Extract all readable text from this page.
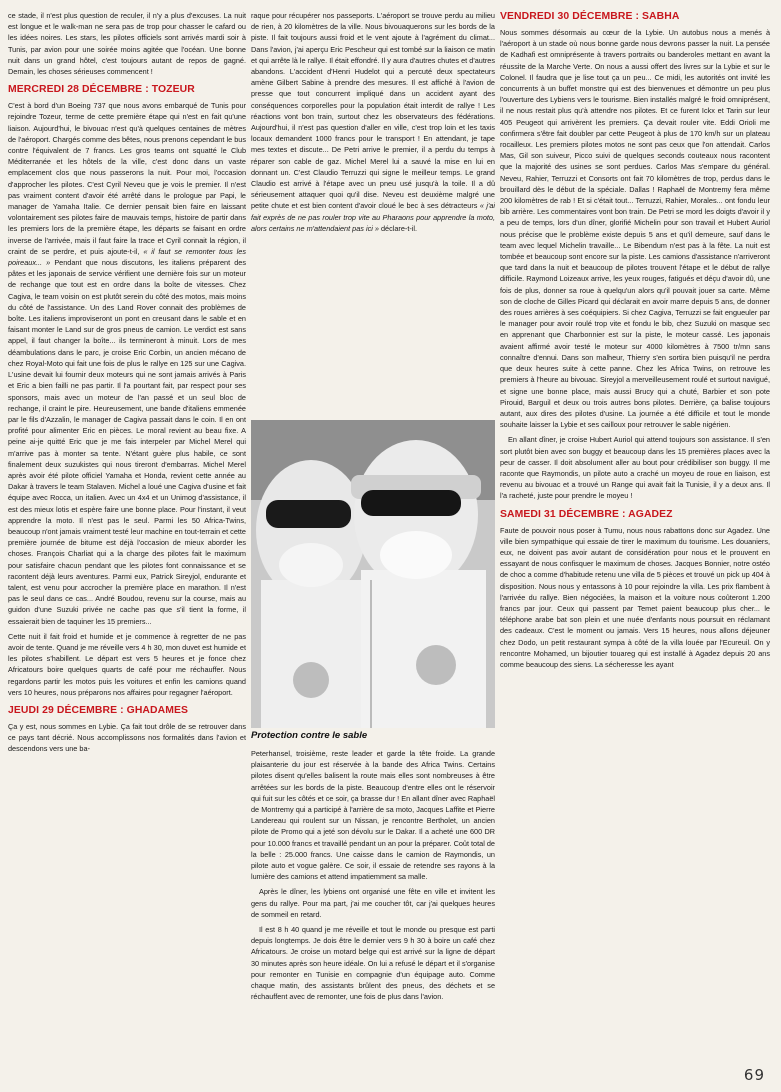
ce stade, il n'est plus question de reculer, il n'y a plus d'excuses. La nuit est longue et le walk-man ne sera pas de trop pour chasser le cafard ou les idées noires. Les stars, les pilotes officiels sont arrivés mardi soir à Tunis, par avion pour une soirée moins agitée que l'océan. Une bonne nuit dans un grand hôtel, c'est toujours autant de repos de gagné. Demain, les choses sérieuses commencent !

MERCREDI 28 DÉCEMBRE : TOZEUR

C'est à bord d'un Boeing 737 que nous avons embarqué de Tunis pour rejoindre Tozeur, terme de cette première étape qui n'est en fait qu'une liaison. Aujourd'hui, le bivouac n'est qu'à quelques centaines de mètres de l'aéroport. Chargés comme des bêtes, nous prenons cependant le bus contre l'équivalent de 7 francs. Les gros teams ont squatté le Club Méditerranée et les hôtels de la ville, c'est donc dans un vaste emplacement clos que nous passerons la nuit. Pour moi, l'occasion d'approcher les pilotes. C'est Cyril Neveu que je vois le premier. Il n'est pas vraiment content d'avoir été arrêté dans le prologue par Papi, le manager de Yamaha Italie. Ce dernier pensait bien faire en laissant volontairement ses pilotes faire de mauvais temps, histoire de partir dans les premiers lors de la première étape, les départs se faisant en ordre inverse de l'arrivée, mais il faut faire la trace et Cyril connait la région, il craint de se perdre, et puis ajoute-t-il, « il faut se remonter tous les poireaux... » Pendant que nous discutons, les italiens préparent des pâtes et les japonais de service vérifient une dernière fois sur un moteur de rechange que tout est en ordre dans la boîte de vitesses. Chez Cagiva, le team voisin on est plutôt serein du côté des motos, mais moins du côté de l'assistance. Un des Land Rover connait des problèmes de boîte. Les italiens improviseront un pont en creusant dans le sable et en faisant monter le Land sur de gros pneus de camion. Le verdict est sans appel, il faut changer la boîte... ils termineront à minuit. Lors de mes déambulations dans le parc, je croise Eric Corbin, un ancien mécano de chez Royal-Moto qui fait une fois de plus le rallye en 125 sur une Cagiva. L'usine devait lui fournir deux moteurs qui ne sont jamais arrivés à Paris et Eric a bien failli ne pas partir. Il l'a pourtant fait, par respect pour ses sponsors, mais avec un moteur de l'an passé et un seul bloc de rechange, il craint le pire. Heureusement, une bande d'italiens emmenée par le fils d'Azzalin, le manager de Cagiva passait dans le coin. Il en ont profité pour alimenter Eric en pièces. Le moral revient au beau fixe. A peine ai-je quitté Eric que je me fais interpeler par Michel Merel qui m'arrive pas à monter sa tente. N'étant guère plus habile, ce sont finalement deux suzukistes qui nous tireront d'embarras. Michel Merel après avoir été pilote officiel Yamaha et Honda, revient cette année au Dakar à travers le team Stalaven. Michel a loué une Cagiva d'usine et fait équipe avec Rocca, un italien. Avec un 4x4 et un Unimog d'assistance, il est des mieux lotis et espère faire une bonne place. Pour l'instant, il veut apprendre la moto. Il n'est pas le seul. Parmi les 50 Africa-Twins, beaucoup n'ont jamais vraiment testé leur machine en tout-terrain et cette première journée de bitume est déjà l'occasion de mieux aborder les choses. François Charliat qui a la charge des pilotes fait le maximum pour satisfaire chacun pendant que les pilotes font connaissance et se racontent déjà leurs aventures. Parmi eux, Patrick Sireyjol, endurante et talent, est venu pour accrocher la première place en marathon. Il n'est pas le seul dans ce cas... André Boudou, revenu sur la course, mais au guidon d'une Suzuki privée ne cache pas que s'il tient la forme, il essaierait bien de taquiner les 15 premiers...

Cette nuit il fait froid et humide et je commence à regretter de ne pas avoir de tente. Quand je me réveille vers 4 h 30, mon duvet est humide et les pilotes s'habillent. Le départ est vers 5 heures et je fonce chez Africatours boire quelques quarts de café pour me réchauffer. Nous regardons partir les motos puis les voitures et enfin les camions quand vers 10 heures, nous préparons nos affaires pour regagner l'aéroport.

JEUDI 29 DÉCEMBRE : GHADAMES

Ça y est, nous sommes en Lybie. Ça fait tout drôle de se retrouver dans ce pays tant décrié. Nous accomplissons nos formalités dans l'avion et descendons vers une ba-

raque pour récupérer nos passeports. L'aéroport se trouve perdu au milieu de rien, à 20 kilomètres de la ville. Nous bivouaquerons sur les bords de la piste. Il fait toujours aussi froid et le vent ajoute à l'agrément du climat... Dans l'avion, j'ai aperçu Eric Pescheur qui est tombé sur la liaison ce matin et qui arrête là le rallye. Il était effondré. Il y aura d'autres chutes et d'autres abandons. L'accident d'Henri Hudelot qui a percuté deux spectateurs amène Gilbert Sabine à prendre des mesures. Il est affiché à l'avion de presse que tout concurrent impliqué dans un accident ayant des conséquences corporelles pour la population était interdit de rallye ! Les réactions vont bon train, surtout chez les observateurs des fédérations. Aujourd'hui, il n'est pas question d'aller en ville, c'est trop loin et les taxis locaux demandent 1000 francs pour le transport ! En attendant, je tape mes textes et discute... De Petri arrive le premier, il a perdu du temps à réparer son cable de gaz. Michel Merel lui a sauvé la mise en lui en donnant un. C'est Claudio Terruzzi qui signe le meilleur temps. Le grand Claudio est arrivé à l'étape avec un pneu usé jusqu'à la toile. Il a dû sérieusement attaquer quoi qu'il dise. Neveu est deuxième malgré une petite chute et est bien content d'avoir cloué le bec à ses détracteurs « j'ai fait exprès de ne pas rouler trop vite au Pharaons pour apprendre la moto, alors certains ne m'attendaient pas ici » déclare-t-il.

Protection contre le sable

Peterhansel, troisième, reste leader et garde la tête froide. La grande plaisanterie du jour est réservée à la bande des Africa Twins. Certains pilotes disent qu'elles balisent la route mais elles sont nombreuses à être arrêtées sur les bords de la piste. Beaucoup d'entre elles ont le réservoir qui fuit sur les côtés et ce soir, ça brasse dur ! En allant dîner avec Raphaël de Montremy qui a participé à l'arrière de sa moto, Jacques Laffite et Pierre Landereau qui roulent sur un Nissan, je rencontre Bertholet, un ancien pilote de Promo qui a jeté son dévolu sur le Dakar. Il a acheté une 600 DR pour 10.000 francs et travaillé pendant un an pour la préparer. Coût total de la belle : 25.000 francs. Une caisse dans le camion de Raymondis, un pilote auto et vogue galère. Ce soir, il essaie de retendre ses rayons à la lumière des camions et attend impatiemment sa malle.

Après le dîner, les lybiens ont organisé une fête en ville et invitent les gens du rallye. Pour ma part, j'ai me coucher tôt, car j'ai quelques heures de sommeil en retard.

Il est 8 h 40 quand je me réveille et tout le monde ou presque est parti depuis longtemps. Je dois être le dernier vers 9 h 30 à boire un café chez Africatours. Je croise un motard belge qui est arrivé sur la ligne de départ 30 minutes après son heure idéale. On lui a refusé le départ et il s'organise pour remonter en Tunisie en compagnie d'un équipage auto. Comme chaque matin, des assistants brûlent des pneus, des déchets et se réchauffent avec de remonter, une fois de plus dans l'avion.

VENDREDI 30 DÉCEMBRE : SABHA

Nous sommes désormais au cœur de la Lybie. Un autobus nous a menés à l'aéroport à un stade où nous bonne garde nous devrons passer la nuit. La pensée de Kadhafi est omniprésente à travers portraits ou banderoles mettant en avant la réussite de la Marche Verte. On nous a aussi offert des livres sur la Lybie et sur le Colonel. Il faudra que je lise tout ça un peu... Ce midi, les autorités ont invité les concurrents à un buffet monstre qui est des bienvenues et démontre un peu plus l'ouverture des Lybiens vers le tourisme. Bien installés malgré le froid omniprésent, il ne nous restait plus qu'à attendre nos pilotes. Et ce furent Ickx et Tarin sur leur 405 Peugeot qui arrivèrent les premiers. Ça devait rouler vite. Eddi Orioli me confirmera s'être fait doubler par cette Peugeot à plus de 170 km/h sur un plateau rocailleux. Les premiers pilotes motos ne sont pas ceux que l'on attendait. Carlos Mas, Gil son suiveur, Picco suivi de quelques seconds couteaux nous racontent que la majorité des usines se sont perdues. Carlos Mas s'empare du général. Neveu, Rahier, Terruzzi et Consorts ont fait 70 kilomètres de trop, perdus dans le brouillard dès le début de la spéciale. Dallas ! Raphaël de Montremy fera même 200 kilomètres de rab ! Et si c'était tout... Terruzzi, Rahier, Morales... ont fondu leur bib arrière. Les commentaires vont bon train. De Petri se mord les doigts d'avoir il y a peu de temps, lors d'un dîner, glorifié Michelin pour son travail et Hubert Auriol nous précise que le problème existe depuis 5 ans et qu'il demeure, sauf dans le team avec lequel Michelin travaille... Le Bibendum n'est pas à la fête. La nuit est tombée et beaucoup sont encore sur la piste. Les camions d'assistance n'arriveront que tard dans la nuit et beaucoup de pilotes trouvent l'étape et le début de rallye difficile. Raymond Loizeaux arrive, les yeux rouges, fatigués et déçu d'avoir dû, une fois de plus, donner sa roue à quelqu'un alors qu'il pouvait jouer sa carte. Même son de cloche de Gilles Picard qui déclarait en avoir marre depuis 5 ans, de donner des roues arrières à ses coéquipiers. Si chez Cagiva, Terruzzi se fait engueuler par le manager pour avoir roulé trop vite et fondu le bib, chez Suzuki on masque sec en apprenant que Charbonnier est sur la piste, le moteur cassé. Les japonais avaient affirmé avoir testé le moteur sur 4000 kilomètres à 7500 tr/mn sans connaître d'ennui. Dans son malheur, Thierry s'en sortira bien puisqu'il ne perdra que deux heures suite à cette panne. Chez les Africa Twins, on retrouve les premiers à l'heure au bivouac. Sireyjol a merveilleusement roulé et surtout navigué, et signe une bonne place, mais aussi Brucy qui a chuté, Barbier et son pote Pirouid, Barguil et deux ou trois autres bons pilotes. Derrière, ça balise toujours autant, aux dires des pilotes d'usine. La journée a été difficile et tout le monde souhaite laisser la Lybie et ses cailloux pour retrouver le sable nigérien.

En allant dîner, je croise Hubert Auriol qui attend toujours son assistance. Il s'en sort plutôt bien avec son buggy et beaucoup dans les 15 premières places avec la peur de casser. Il doit absolument aller au bout pour crédibiliser son buggy. Il me raconte que Raymondis, un pilote auto a craché un moyeu de roue en liaison, est revenu au bivouac et a trouvé un Range qui avait fait la Tunisie, il y a deux ans. Il l'a racheté, juste pour prendre le moyeu !

SAMEDI 31 DÉCEMBRE : AGADEZ

Faute de pouvoir nous poser à Tumu, nous nous rabattons donc sur Agadez. Une ville bien sympathique qui essaie de tirer le maximum du tourisme. Les douaniers, eux, ne doivent pas avoir autant de considération pour nous et le prouvent en essayant de nous confisquer le maximum de choses. Jacques Bonnier, notre ostéo de choc a comme d'habitude retenu une villa de 5 pièces et trouvé un pick up 404 à disposition. Nous nous y entassons à 10 pour rejoindre la villa. Les prix flambent à l'arrivée du rallye. Bien négociées, la maison et la voiture nous coûteront 1.200 francs par jour. Ceux qui passent par Temet paient beaucoup plus cher... le téléphone arabe bat son plein et une nuée d'enfants nous poursuit en réclamant des cadeaux. C'est le moment ou jamais. Vers 15 heures, nous allons déjeuner chez Dodo, un petit restaurant sympa à côté de la villa louée par l'Ecureuil. On y rencontre Mohamed, un bijoutier touareg qui est installé à Agadez depuis 20 ans comme beaucoup des siens. La sécheresse les ayant

69
